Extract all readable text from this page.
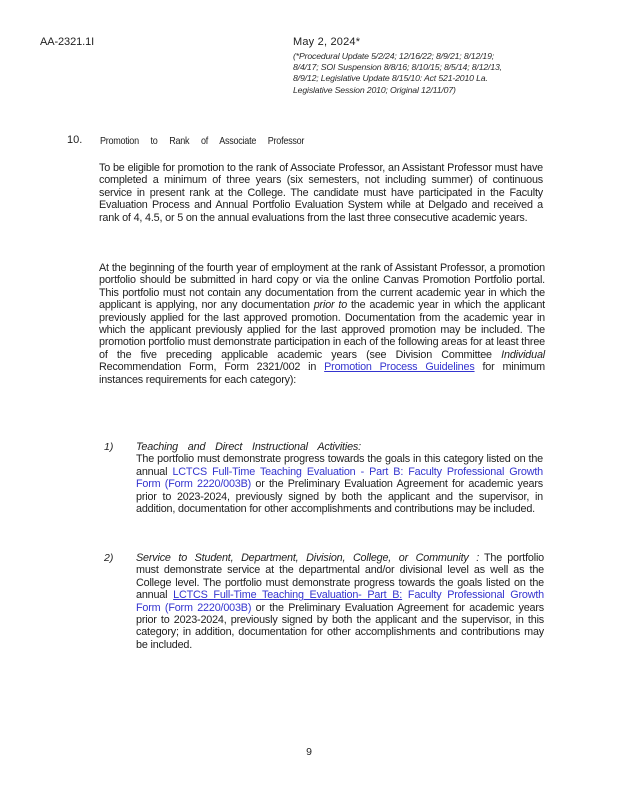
AA-2321.1I	May 2, 2024*
(*Procedural Update 5/2/24; 12/16/22; 8/9/21; 8/12/19;
8/4/17; SOI Suspension 8/8/16; 8/10/15; 8/5/14; 8/12/13,
8/9/12; Legislative Update 8/15/10: Act 521-2010 La.
Legislative Session 2010; Original 12/11/07)
10. Promotion to Rank of Associate Professor

To be eligible for promotion to the rank of Associate Professor, an Assistant Professor must have completed a minimum of three years (six semesters, not including summer) of continuous service in present rank at the College. The candidate must have participated in the Faculty Evaluation Process and Annual Portfolio Evaluation System while at Delgado and received a rank of 4, 4.5, or 5 on the annual evaluations from the last three consecutive academic years.

At the beginning of the fourth year of employment at the rank of Assistant Professor, a promotion portfolio should be submitted in hard copy or via the online Canvas Promotion Portfolio portal. This portfolio must not contain any documentation from the current academic year in which the applicant is applying, nor any documentation prior to the academic year in which the applicant previously applied for the last approved promotion. Documentation from the academic year in which the applicant previously applied for the last approved promotion may be included. The promotion portfolio must demonstrate participation in each of the following areas for at least three of the five preceding applicable academic years (see Division Committee Individual Recommendation Form, Form 2321/002 in Promotion Process Guidelines for minimum instances requirements for each category):

1) Teaching and Direct Instructional Activities:
The portfolio must demonstrate progress towards the goals in this category listed on the annual LCTCS Full-Time Teaching Evaluation - Part B: Faculty Professional Growth Form (Form 2220/003B) or the Preliminary Evaluation Agreement for academic years prior to 2023-2024, previously signed by both the applicant and the supervisor, in addition, documentation for other accomplishments and contributions may be included.
2) Service to Student, Department, Division, College, or Community : The portfolio must demonstrate service at the departmental and/or divisional level as well as the College level. The portfolio must demonstrate progress towards the goals listed on the annual LCTCS Full-Time Teaching Evaluation- Part B: Faculty Professional Growth Form (Form 2220/003B) or the Preliminary Evaluation Agreement for academic years prior to 2023-2024, previously signed by both the applicant and the supervisor, in this category; in addition, documentation for other accomplishments and contributions may be included.
9
